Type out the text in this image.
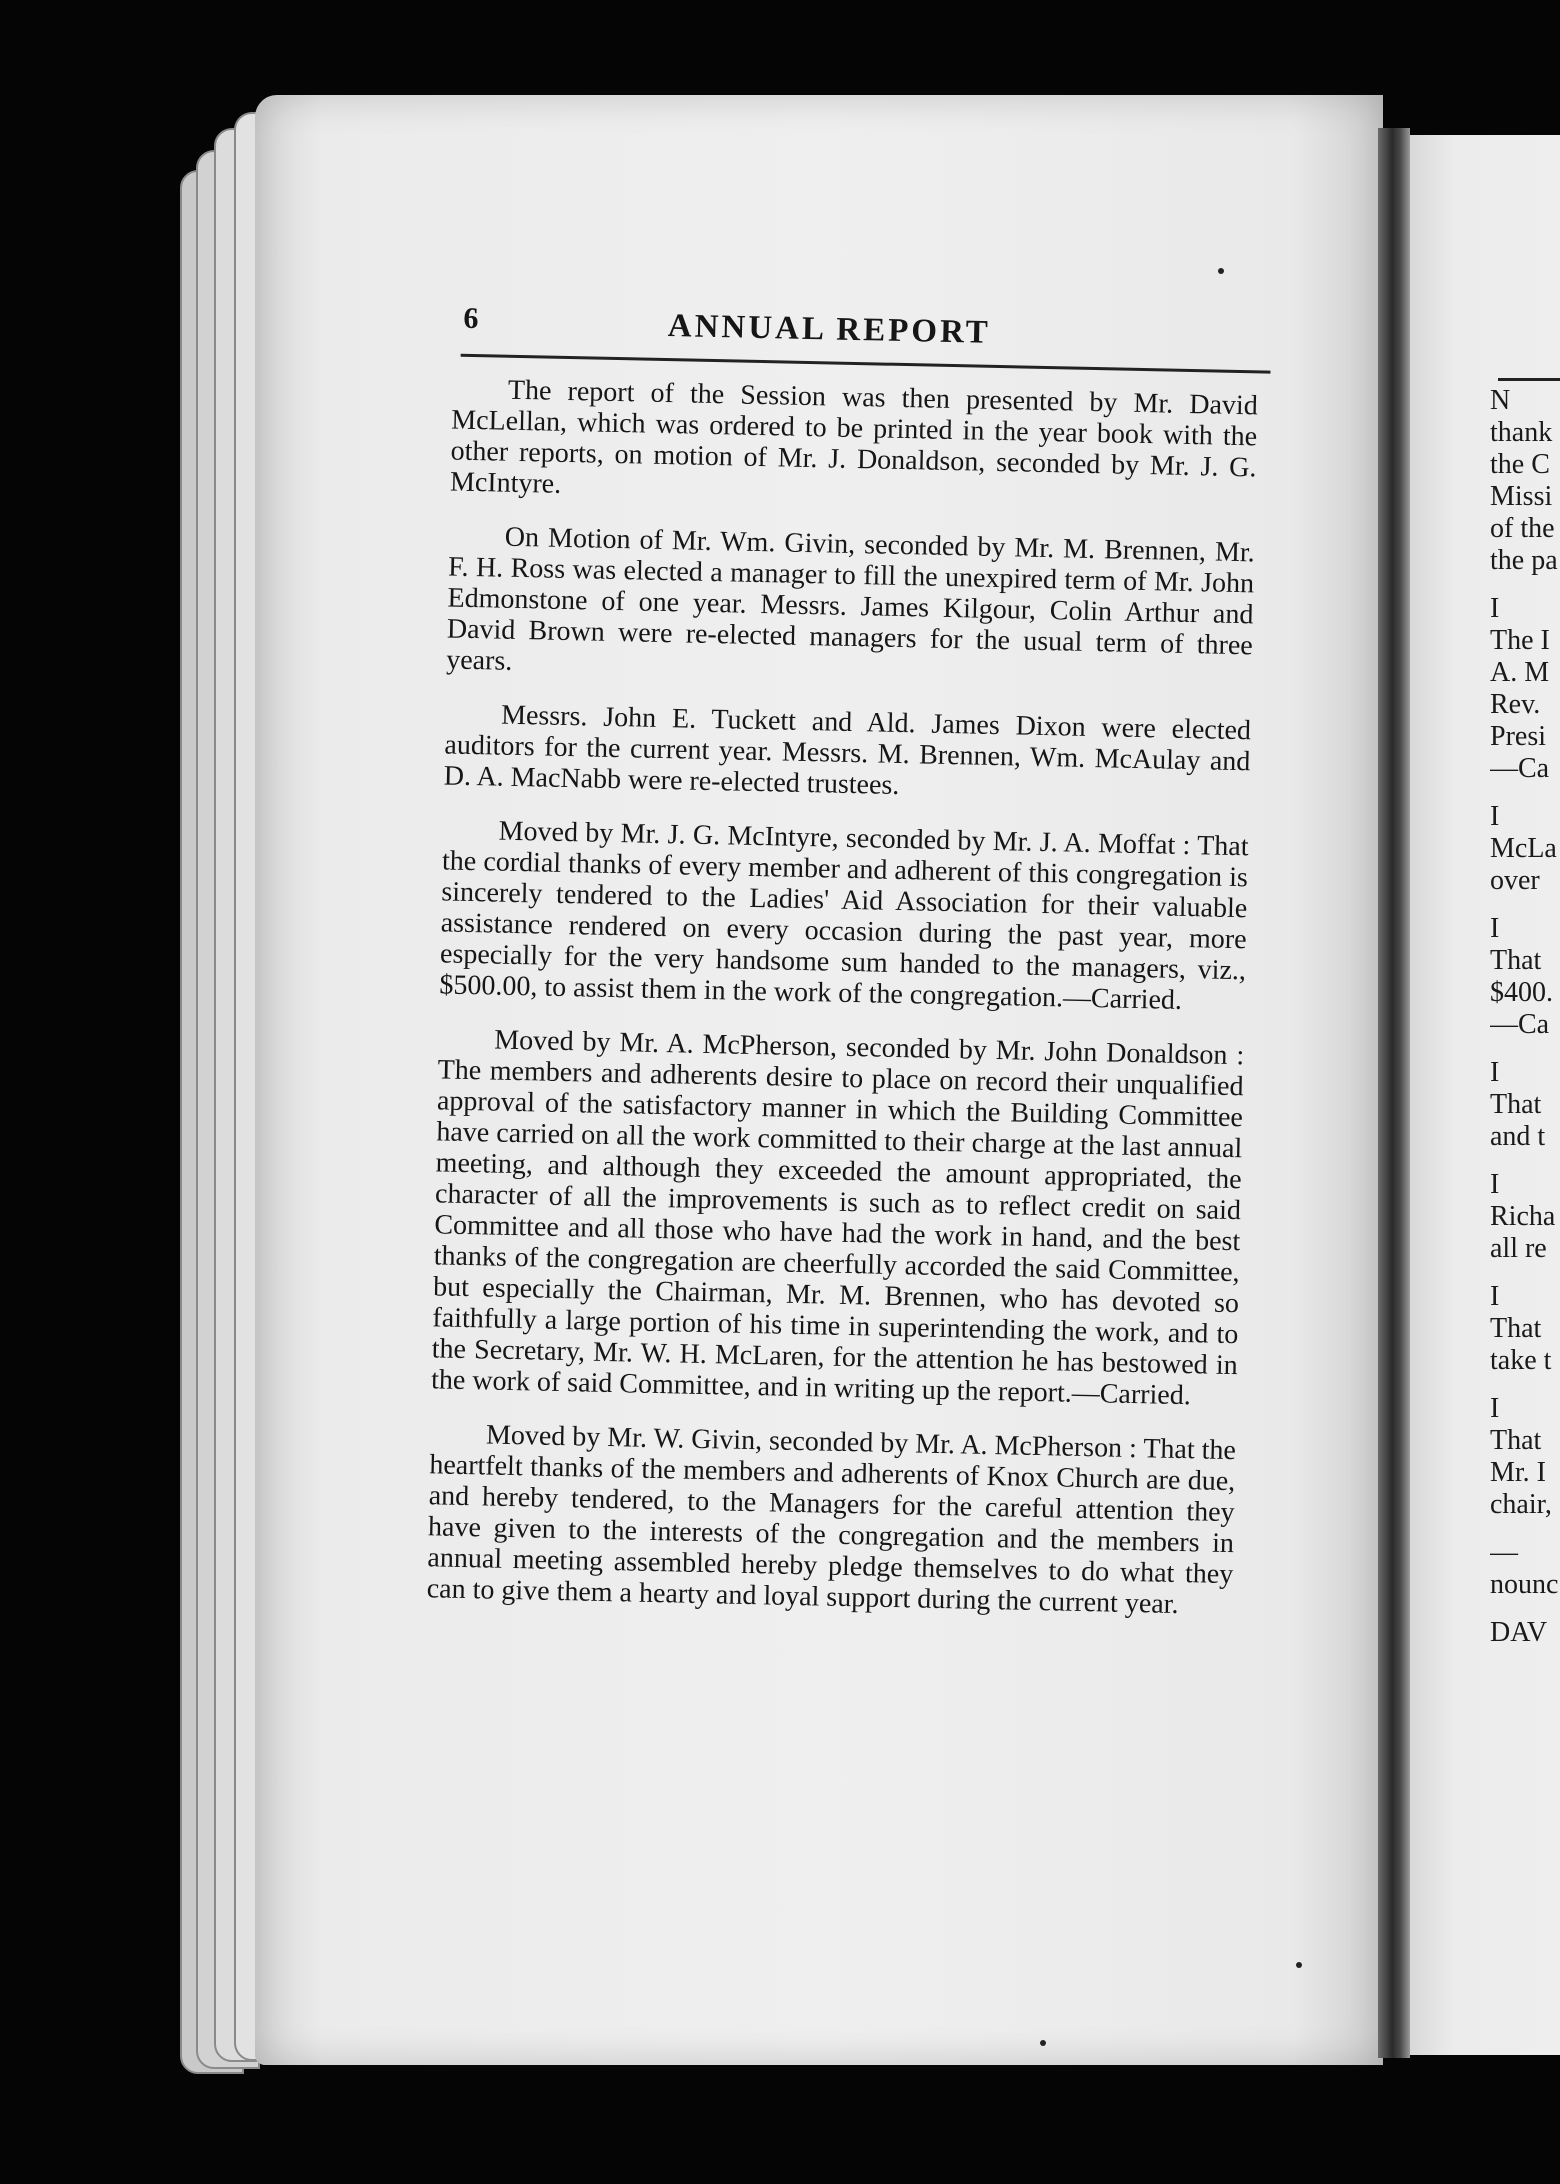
6	ANNUAL REPORT

The report of the Session was then presented by Mr. David McLellan, which was ordered to be printed in the year book with the other reports, on motion of Mr. J. Donaldson, seconded by Mr. J. G. McIntyre.

On Motion of Mr. Wm. Givin, seconded by Mr. M. Brennen, Mr. F. H. Ross was elected a manager to fill the unexpired term of Mr. John Edmonstone of one year. Messrs. James Kilgour, Colin Arthur and David Brown were re-elected managers for the usual term of three years.

Messrs. John E. Tuckett and Ald. James Dixon were elected auditors for the current year. Messrs. M. Brennen, Wm. McAulay and D. A. MacNabb were re-elected trustees.

Moved by Mr. J. G. McIntyre, seconded by Mr. J. A. Moffat : That the cordial thanks of every member and adherent of this congregation is sincerely tendered to the Ladies' Aid Association for their valuable assistance rendered on every occasion during the past year, more especially for the very handsome sum handed to the managers, viz., $500.00, to assist them in the work of the congregation.—Carried.

Moved by Mr. A. McPherson, seconded by Mr. John Donaldson : The members and adherents desire to place on record their unqualified approval of the satisfactory manner in which the Building Committee have carried on all the work committed to their charge at the last annual meeting, and although they exceeded the amount appropriated, the character of all the improvements is such as to reflect credit on said Committee and all those who have had the work in hand, and the best thanks of the congregation are cheerfully accorded the said Committee, but especially the Chairman, Mr. M. Brennen, who has devoted so faithfully a large portion of his time in superintending the work, and to the Secretary, Mr. W. H. McLaren, for the attention he has bestowed in the work of said Committee, and in writing up the report.—Carried.

Moved by Mr. W. Givin, seconded by Mr. A. McPherson : That the heartfelt thanks of the members and adherents of Knox Church are due, and hereby tendered, to the Managers for the careful attention they have given to the interests of the congregation and the members in annual meeting assembled hereby pledge themselves to do what they can to give them a hearty and loyal support during the current year.

N
thank
the C
Missi
of the
the pa
I
The I
A. M
Rev.
Presi
—Ca
I
McLa
over
I
That
$400.
—Ca
I
That
and t
I
Richa
all re
I
That
take t
I
That
Mr. I
chair,
—
nounc
DAV
